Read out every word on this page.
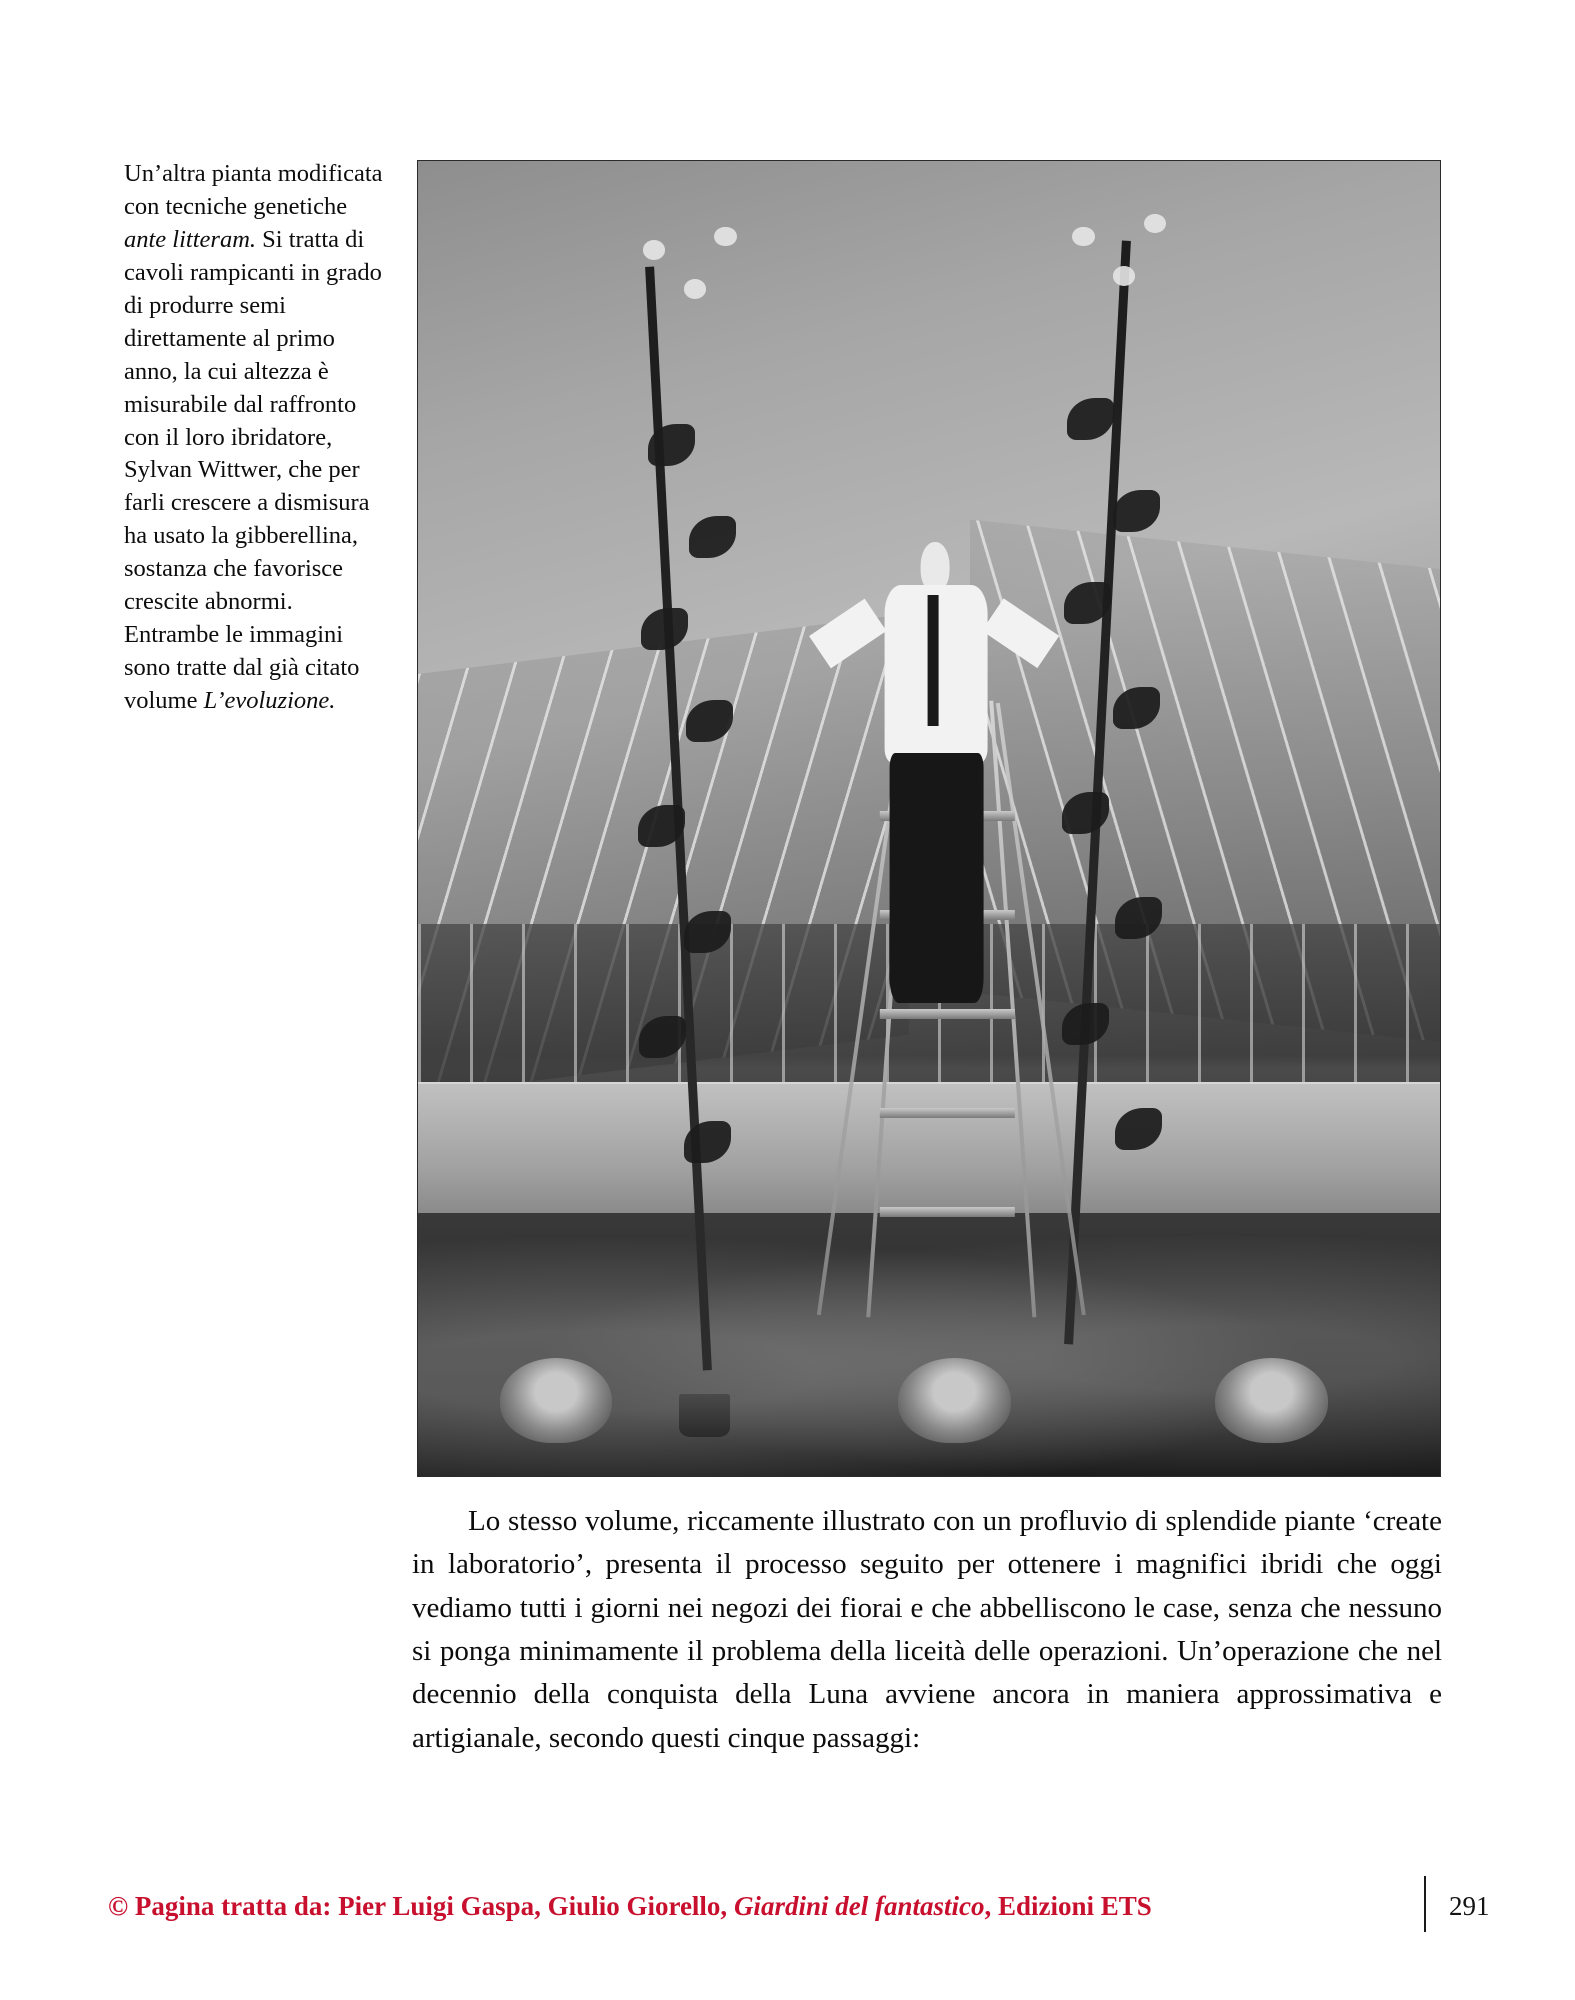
Un’altra pianta modificata con tecniche genetiche ante litteram. Si tratta di cavoli rampicanti in grado di produrre semi direttamente al primo anno, la cui altezza è misurabile dal raffronto con il loro ibridatore, Sylvan Wittwer, che per farli crescere a dismisura ha usato la gibberellina, sostanza che favorisce crescite abnormi. Entrambe le immagini sono tratte dal già citato volume L’evoluzione.

Lo stesso volume, riccamente illustrato con un profluvio di splendide piante ‘create in laboratorio’, presenta il processo seguito per ottenere i magnifici ibridi che oggi vediamo tutti i giorni nei negozi dei fiorai e che abbelliscono le case, senza che nessuno si ponga minimamente il problema della liceità delle operazioni. Un’operazione che nel decennio della conquista della Luna avviene ancora in maniera approssimativa e artigianale, secondo questi cinque passaggi:

© Pagina tratta da: Pier Luigi Gaspa, Giulio Giorello, Giardini del fantastico, Edizioni ETS	291
